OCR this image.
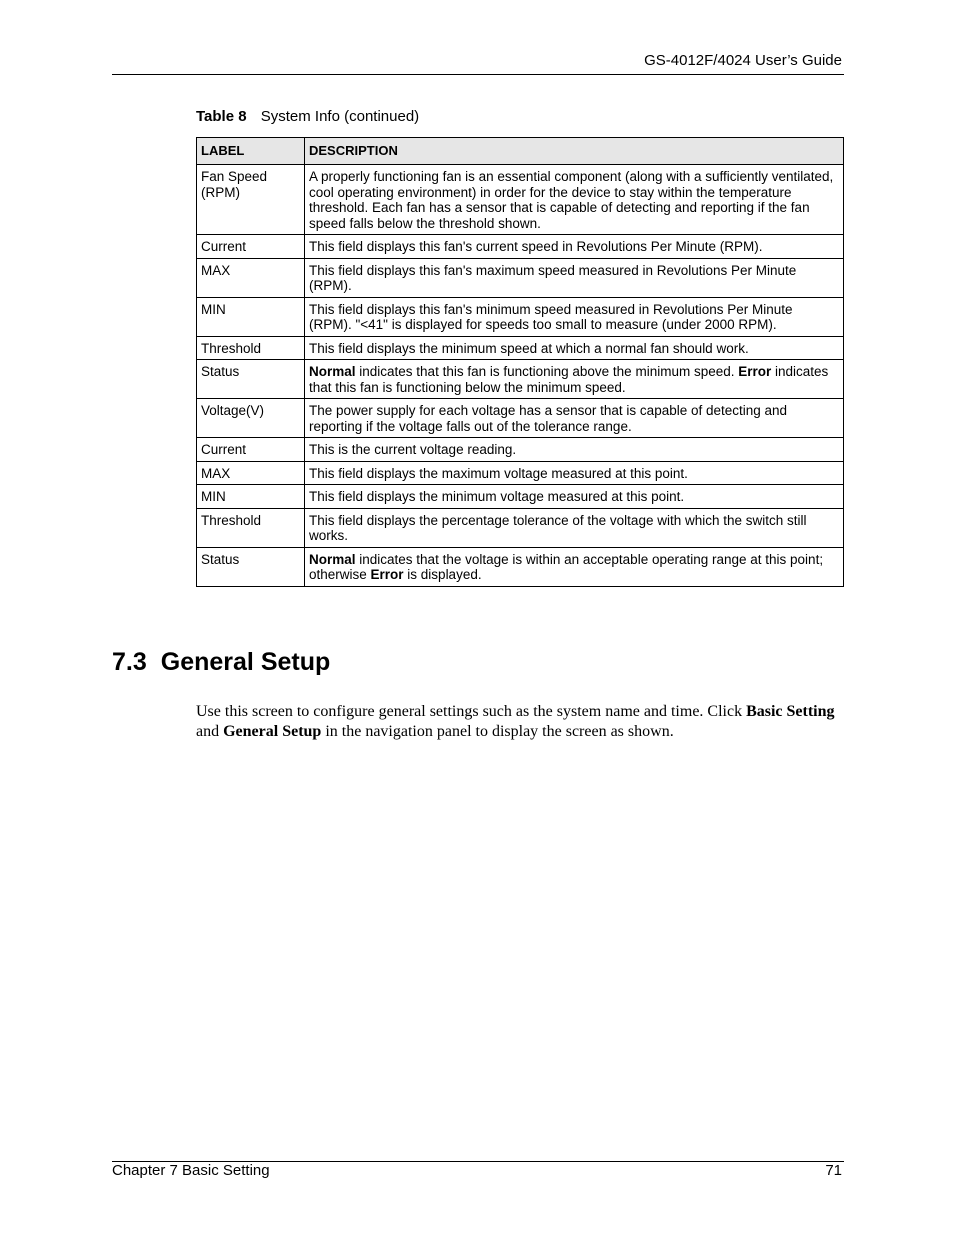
GS-4012F/4024 User’s Guide
Table 8 System Info (continued)
LABEL	DESCRIPTION
Fan Speed (RPM)	A properly functioning fan is an essential component (along with a sufficiently ventilated, cool operating environment) in order for the device to stay within the temperature threshold. Each fan has a sensor that is capable of detecting and reporting if the fan speed falls below the threshold shown.
Current	This field displays this fan's current speed in Revolutions Per Minute (RPM).
MAX	This field displays this fan's maximum speed measured in Revolutions Per Minute (RPM).
MIN	This field displays this fan's minimum speed measured in Revolutions Per Minute (RPM). "<41" is displayed for speeds too small to measure (under 2000 RPM).
Threshold	This field displays the minimum speed at which a normal fan should work.
Status	Normal indicates that this fan is functioning above the minimum speed. Error indicates that this fan is functioning below the minimum speed.
Voltage(V)	The power supply for each voltage has a sensor that is capable of detecting and reporting if the voltage falls out of the tolerance range.
Current	This is the current voltage reading.
MAX	This field displays the maximum voltage measured at this point.
MIN	This field displays the minimum voltage measured at this point.
Threshold	This field displays the percentage tolerance of the voltage with which the switch still works.
Status	Normal indicates that the voltage is within an acceptable operating range at this point; otherwise Error is displayed.
7.3 General Setup

Use this screen to configure general settings such as the system name and time. Click Basic Setting and General Setup in the navigation panel to display the screen as shown.

Chapter 7 Basic Setting	71
